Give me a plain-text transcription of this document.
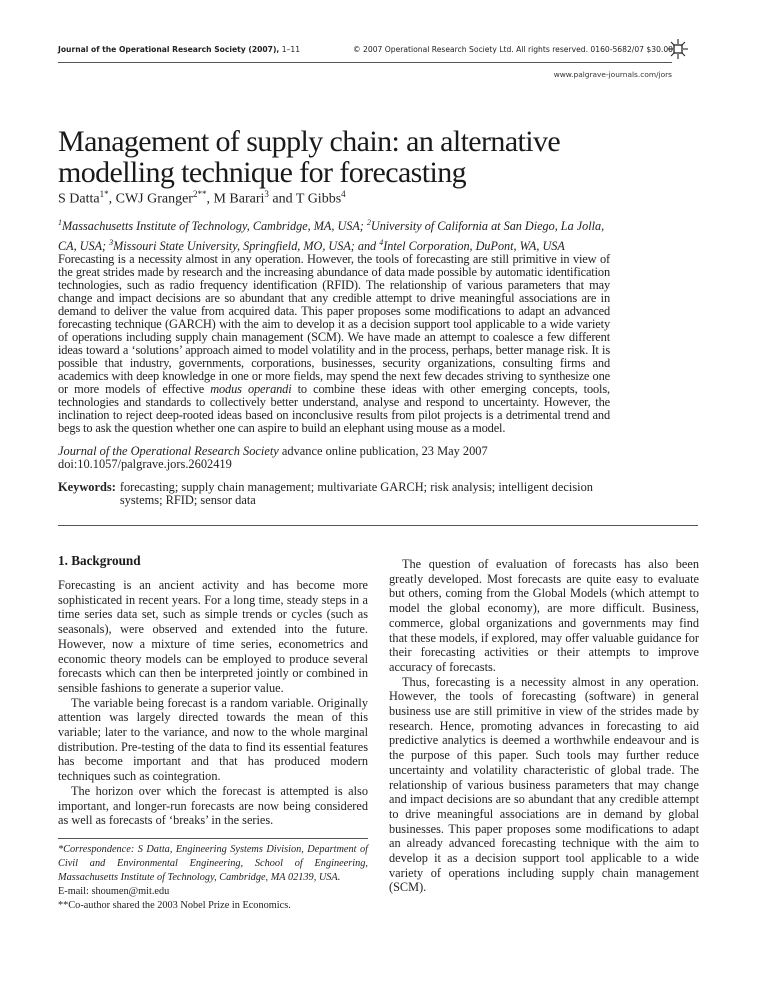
Journal of the Operational Research Society (2007), 1–11	© 2007 Operational Research Society Ltd. All rights reserved. 0160-5682/07 $30.00
www.palgrave-journals.com/jors
Management of supply chain: an alternative modelling technique for forecasting
S Datta$^{1*}$, CWJ Granger$^{2**}$, M Barari$^3$ and T Gibbs$^4$
$^1$Massachusetts Institute of Technology, Cambridge, MA, USA; $^2$University of California at San Diego, La Jolla, CA, USA; $^3$Missouri State University, Springfield, MO, USA; and $^4$Intel Corporation, DuPont, WA, USA
Forecasting is a necessity almost in any operation. However, the tools of forecasting are still primitive in view of the great strides made by research and the increasing abundance of data made possible by automatic identification technologies, such as radio frequency identification (RFID). The relationship of various parameters that may change and impact decisions are so abundant that any credible attempt to drive meaningful associations are in demand to deliver the value from acquired data. This paper proposes some modifications to adapt an advanced forecasting technique (GARCH) with the aim to develop it as a decision support tool applicable to a wide variety of operations including supply chain management (SCM). We have made an attempt to coalesce a few different ideas toward a ‘solutions’ approach aimed to model volatility and in the process, perhaps, better manage risk. It is possible that industry, governments, corporations, businesses, security organizations, consulting firms and academics with deep knowledge in one or more fields, may spend the next few decades striving to synthesize one or more models of effective modus operandi to combine these ideas with other emerging concepts, tools, technologies and standards to collectively better understand, analyse and respond to uncertainty. However, the inclination to reject deep-rooted ideas based on inconclusive results from pilot projects is a detrimental trend and begs to ask the question whether one can aspire to build an elephant using mouse as a model.
Journal of the Operational Research Society advance online publication, 23 May 2007
doi:10.1057/palgrave.jors.2602419
Keywords: forecasting; supply chain management; multivariate GARCH; risk analysis; intelligent decision systems; RFID; sensor data
1. Background

Forecasting is an ancient activity and has become more sophisticated in recent years. For a long time, steady steps in a time series data set, such as simple trends or cycles (such as seasonals), were observed and extended into the future. However, now a mixture of time series, econometrics and economic theory models can be employed to produce several forecasts which can then be interpreted jointly or combined in sensible fashions to generate a superior value.

The variable being forecast is a random variable. Originally attention was largely directed towards the mean of this variable; later to the variance, and now to the whole marginal distribution. Pre-testing of the data to find its essential features has become important and that has produced modern techniques such as cointegration.

The horizon over which the forecast is attempted is also important, and longer-run forecasts are now being considered as well as forecasts of ‘breaks’ in the series.

*Correspondence: S Datta, Engineering Systems Division, Department of Civil and Environmental Engineering, School of Engineering, Massachusetts Institute of Technology, Cambridge, MA 02139, USA.
E-mail: shoumen@mit.edu
**Co-author shared the 2003 Nobel Prize in Economics.

The question of evaluation of forecasts has also been greatly developed. Most forecasts are quite easy to evaluate but others, coming from the Global Models (which attempt to model the global economy), are more difficult. Business, commerce, global organizations and governments may find that these models, if explored, may offer valuable guidance for their forecasting activities or their attempts to improve accuracy of forecasts.

Thus, forecasting is a necessity almost in any operation. However, the tools of forecasting (software) in general business use are still primitive in view of the strides made by research. Hence, promoting advances in forecasting to aid predictive analytics is deemed a worthwhile endeavour and is the purpose of this paper. Such tools may further reduce uncertainty and volatility characteristic of global trade. The relationship of various business parameters that may change and impact decisions are so abundant that any credible attempt to drive meaningful associations are in demand by global businesses. This paper proposes some modifications to adapt an already advanced forecasting technique with the aim to develop it as a decision support tool applicable to a wide variety of operations including supply chain management (SCM).
